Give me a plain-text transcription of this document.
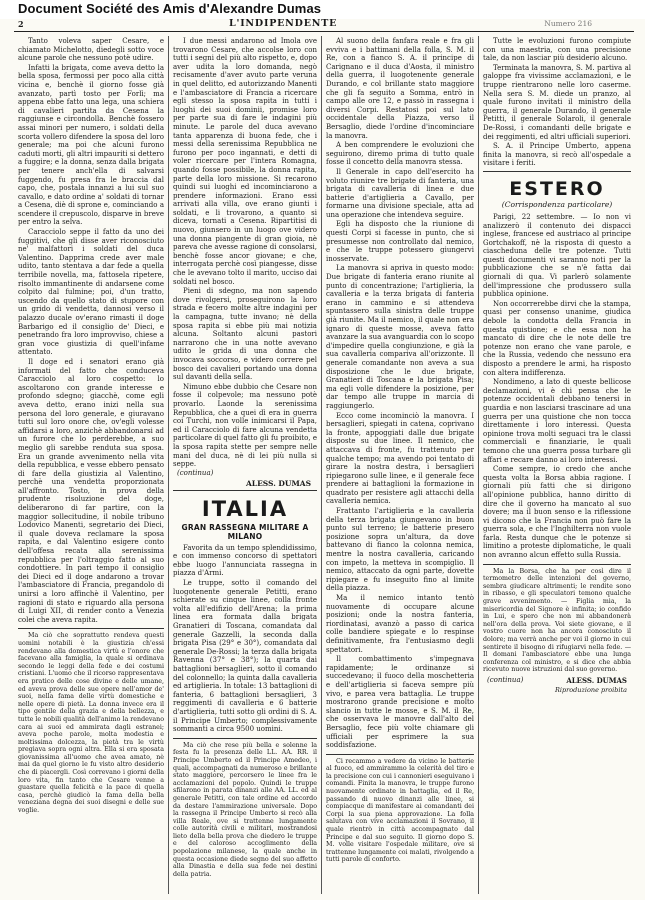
Document Société des Amis d'Alexandre Dumas
2	L'INDIPENDENTE	Numero 216

Tanto voleva saper Cesare, e chiamato Michelotto, diedegli sotto voce alcune parole che nessuno potè udire.

Infatti la brigata, come aveva detto la bella sposa, fermossi per poco alla città vicina e, benchè il giorno fosse già avanzato, partì tosto per Forlì; ma appena ebbe fatto una lega, una schiera di cavalieri partita da Cesena la raggiunse e circondolla. Benchè fossero assai minori per numero, i soldati della scorta vollero difendere la sposa del loro generale; ma poi che alcuni furono caduti morti, gli altri impauriti si dettero a fuggire; e la donna, senza dalla brigata per tenere anch'ella di salvarsi fuggendo, fu presa fra le braccia dal capo, che, postala innanzi a lui sul suo cavallo, e dato ordine a' soldati di tornar a Cesena, diè di sprone e, cominciando a scendere il crepuscolo, disparve in breve per entro la selva.

Caracciolo seppe il fatto da uno dei fuggitivi, che gli disse aver riconosciuto ne' malfattori i soldati del duca Valentino. Dapprima crede aver male udito, tanto stentava a dar fede a quella terribile novella, ma, fattosela ripetere, risolto immantinente di andarsene come colpito dal fulmine; poi, d'un tratto, uscendo da quello stato di stupore con un grido di vendetta, dannosi verso il palazzo ducale ov'erano rimasti il doge Barbarigo ed il consiglio de' Dieci, e penetrando fra loro improvviso, chiese a gran voce giustizia di quell'infame attentato.

Il doge ed i senatori erano già informati del fatto che conduceva Caracciolo al loro cospetto: lo ascoltarono con grande interesse e profondo sdegno; giacchè, come egli aveva detto, erano inizi nella sua persona del loro generale, e giuravano tutti sul loro onore che, ov'egli volesse affidarsi a loro, anzichè abbandonarsi ad un furore che lo perderebbe, a suo meglio gli sarebbe renduta sua sposa. Era un grande avvenimento nella vita della repubblica, e vesse ebbero pensato di fare della giustizia al Valentino, perchè una vendetta proporzionata all'affronto. Tosto, in prova della prudente risoluzione del doge, deliberarono di far partire, con la maggior sollecitudine, il nobile tribuno Lodovico Manenti, segretario dei Dieci, il quale doveva reclamare la sposa rapita, e dal Valentino esigere conto dell'offesa recata alla serenissima repubblica per l'oltraggio fatto al suo condottiere. In pari tempo il consiglio dei Dieci ed il doge andarono a trovar l'ambasciatore di Francia, pregandolo di unirsi a loro affinchè il Valentino, per ragioni di stato e riguardo alla persona di Luigi XII, di render conto a Venezia colei che aveva rapita.

Ma ciò che soprattutto rendeva questi uomini notabili è la giustizia ch'essi rendevano alla domestica virtù e l'onore che facevano alla famiglia, la quale si ordinava secondo le leggi della fede e dei costumi cristiani. L'uomo che il ricorso rappresentava era pratico delle cose divine e delle umane, ed aveva prova delle sue opere nell'amor de' suoi, nella fama delle virtù domestiche e nelle opere di pietà. La donna invece era il tipo gentile della grazia e della bellezza, e tutte le nobili qualità dell'animo la rendevano cara ai suoi ed ammirata dagli estranei; aveva poche parole, molta modestia e moltissima dolcezza, la pietà tra le virtù pregiava sopra ogni altra. Ella si era sposata giovanissima all'uomo che avea amato, nè mai da quel giorno le fu visto altro desiderio che di piacergli. Così correvano i giorni della loro vita, fin tanto che Cesare venne a guastare quella felicità e la pace di quella casa, perchè giudicò la fama della bella veneziana degna dei suoi disegni e delle sue voglie.

I due messi andarono ad Imola ove trovarono Cesare, che accolse loro con tutti i segni del più alto rispetto, e, dopo aver udita la loro domanda, negò recisamente d'aver avuto parte veruna in quel delitto, ed autorizzando Manenti e l'ambasciatore di Francia a ricercare egli stesso la sposa rapita in tutti i luoghi dei suoi dominii, promise loro per parte sua di fare le indagini più minute. Le parole del duca avevano tanta apparenza di buona fede, che i messi della serenissima Repubblica ne furono per poco ingannati, e detti di voler ricercare per l'intera Romagna, quando fosse possibile, la donna rapita, parte della loro missione. Si recarono quindi sui luoghi ed incominciarono a prendere informazioni. Erano essi arrivati alla villa, ove erano giunti i soldati, e li trovarono, a quanto si diceva, tornati a Cesena. Ripartitisi di nuovo, giunsero in un luogo ove videro una donna piangente di gran gioia, nè pareva che avesse ragione di consolarsi, benchè fosse ancor giovane; e che, interrogata perchè così piangesse, disse che le avevano tolto il marito, ucciso dai soldati nel bosco.

Pieni di sdegno, ma non sapendo dove rivolgersi, proseguirono la loro strada e fecero molte altre indagini per la campagna, tutte invano; nè della sposa rapita si ebbe più mai notizia alcuna. Soltanto alcuni pastori narrarono che in una notte avevano udito le grida di una donna che invocava soccorso, e videro correre pel bosco dei cavalieri portando una donna sul davanti della sella.

Nimuno ebbe dubbio che Cesare non fosse il colpevole; ma nessuno potè provarlo. Laonde la serenissima Repubblica, che a quei dì era in guerra coi Turchi, non volle inimicarsi il Papa, ed il Caracciolo di fare alcuna vendetta particolare di quel fatto gli fu proibito, e la sposa rapita stette per sempre nelle mani del duca, nè di lei più nulla si seppe.

(continua)
ALESS. DUMAS
ITALIA
GRAN RASSEGNA MILITARE A MILANO

Favorita da un tempo splendidissimo, e con immenso concorso di spettatori ebbe luogo l'annunciata rassegna in piazza d'Armi.

Le truppe, sotto il comando del luogotenente generale Petitti, erano schierate su cinque linee, colla fronte volta all'edifizio dell'Arena; la prima linea era formata dalla brigata Granatieri di Toscana, comandata dal generale Gazzelli, la seconda dalla brigata Pisa (29° e 30°), comandata dal generale De-Rossi; la terza dalla brigata Ravenna (37° e 38°); la quarta dai battaglioni bersaglieri, sotto il comando del colonnello; la quinta dalla cavalleria ed artiglieria. In totale: 13 battaglioni di fanteria, 6 battaglioni bersaglieri, 3 reggimenti di cavalleria e 6 batterie d'artiglieria, tutti sotto gli ordini di S. A. il Principe Umberto; complessivamente sommanti a circa 9500 uomini.

Ma ciò che rese più bella e solenne la festa fu la presenza delle LL. AA. RR. il Principe Umberto ed il Principe Amedeo, i quali, accompagnati da numeroso e brillante stato maggiore, percorsero le linee fra le acclamazioni del popolo. Quindi le truppe sfilarono in parata dinanzi alle AA. LL. ed al generale Petitti, con tale ordine ed accordo da destare l'ammirazione universale. Dopo la rassegna il Principe Umberto si recò alla villa Reale, ove si trattenne lungamente colle autorità civili e militari, mostrandosi lieto della bella prova che diedero le truppe e del caloroso accoglimento della popolazione milanese, la quale anche in questa occasione diede segno del suo affetto alla Dinastia e della sua fede nei destini della patria.

Al suono della fanfara reale e fra gli evviva e i battimani della folla, S. M. il Re, con a fianco S. A. il principe di Carignano e il duca d'Aosta, il ministro della guerra, il luogotenente generale Durando, e col brillante stato maggiore che gli fa seguito a Somma, entrò in campo alle ore 12, e passò in rassegna i diversi Corpi. Restatosi poi sul lato occidentale della Piazza, verso il Bersaglio, diede l'ordine d'incominciare la manovra.

A ben comprendere le evoluzioni che seguirono, diremo prima di tutto quale fosse il concetto della manovra stessa.

Il Generale in capo dell'esercito ha voluto riunire tre brigate di fanteria, una brigata di cavalleria di linea e due batterie d'artiglieria a Cavallo, per formarne una divisione speciale, atta ad una operazione che intendeva seguire.

Egli ha disposto che la riunione di questi Corpi si facesse in punto, che si presumesse non controllato dal nemico, e che le truppe potessero giungervi inosservate.

La manovra si apriva in questo modo: Due brigate di fanteria erano riunite al punto di concentrazione; l'artiglieria, la cavalleria e la terza brigata di fanteria erano in cammino e si attendeva spuntassero sulla sinistra delle truppe già riunite. Ma il nemico, il quale non era ignaro di queste mosse, aveva fatto avanzare la sua avanguardia con lo scopo d'impedire quella congiunzione, e già la sua cavalleria compariva all'orizzonte. Il generale comandante non aveva a sua disposizione che le due brigate, Granatieri di Toscana e la brigata Pisa; ma egli volle difendere la posizione, per dar tempo alle truppe in marcia di raggiungerlo.

Ecco come incominciò la manovra. I bersaglieri, spiegati in catena, coprivano la fronte, appoggiati dalle due brigate disposte su due linee. Il nemico, che attaccava di fronte, fu trattenuto per qualche tempo; ma avendo poi tentato di girare la nostra destra, i bersaglieri ripiegarono sulle linee, e il generale fece prendere ai battaglioni la formazione in quadrato per resistere agli attacchi della cavalleria nemica.

Frattanto l'artiglieria e la cavalleria della terza brigata giungevano in buon punto sul terreno; le batterie presero posizione sopra un'altura, da dove battevano di fianco la colonna nemica, mentre la nostra cavalleria, caricando con impeto, la metteva in scompiglio. Il nemico, attaccato da ogni parte, dovette ripiegare e fu inseguito fino al limite della piazza.

Ma il nemico intanto tentò nuovamente di occupare alcune posizioni; onde la nostra fanteria, riordinatasi, avanzò a passo di carica colle bandiere spiegate e lo respinse definitivamente, fra l'entusiasmo degli spettatori.

Il combattimento s'impegnava rapidamente; le ordinanze si succedevano; il fuoco della moschetteria e dell'artiglieria si faceva sempre più vivo, e parea vera battaglia. Le truppe mostrarono grande precisione e molto slancio in tutte le mosse, e S. M. il Re, che osservava le manovre dall'alto del Bersaglio, fece più volte chiamare gli ufficiali per esprimere la sua soddisfazione.

Ci recammo a vedere da vicino le batterie al fuoco, ed ammirammo la celerità del tiro e la precisione con cui i cannonieri eseguivano i comandi. Finita la manovra, le truppe furono nuovamente ordinate in battaglia, ed il Re, passando di nuovo dinanzi alle linee, si compiacque di manifestare ai comandanti dei Corpi la sua piena approvazione. La folla salutava con vive acclamazioni il Sovrano, il quale rientrò in città accompagnato dal Principe e dal suo seguito. Il giorno dopo S. M. volle visitare l'ospedale militare, ove si trattenne lungamente coi malati, rivolgendo a tutti parole di conforto.

Tutte le evoluzioni furono compiute con una maestria, con una precisione tale, da non lasciar più desiderio alcuno.

Terminata la manovra, S. M. partiva al galoppe fra vivissime acclamazioni, e le truppe rientrarono nelle loro caserme. Nella sera S. M. diede un pranzo, al quale furono invitati il ministro della guerra, il generale Durando, il generale Petitti, il generale Solaroli, il generale De-Rossi, i comandanti delle brigate e dei reggimenti, ed altri ufficiali superiori.

S. A. il Principe Umberto, appena finita la manovra, si recò all'ospedale a visitare i feriti.

ESTERO
(Corrispondenza particolare)

Parigi, 22 settembre. — Io non vi analizzerò il contenuto dei dispacci inglese, francese ed austriaco al principe Gortchakoff, nè la risposta di questo a ciascheduna delle tre potenze. Tutti questi documenti vi saranno noti per la pubblicazione che se n'è fatta dai giornali di qua. Vi parlerò solamente dell'impressione che produssero sulla pubblica opinione.

Non occorrerebbe dirvi che la stampa, quasi per consenso unanime, giudica debole la condotta della Francia in questa quistione; e che essa non ha mancato di dire che le note delle tre potenze non erano che vane parole, e che la Russia, vedendo che nessuno era disposto a prendere le armi, ha risposto con altera indifferenza.

Nondimeno, a lato di queste bellicose declamazioni, vi è chi pensa che le potenze occidentali debbano tenersi in guardia e non lasciarsi trascinare ad una guerra per una quistione che non tocca direttamente i loro interessi. Questa opinione trova molti seguaci tra le classi commerciali e finanziarie, le quali temono che una guerra possa turbare gli affari e recare danno ai loro interessi.

Come sempre, io credo che anche questa volta la Borsa abbia ragione. I giornali più fatti che si dirigono all'opinione pubblica, hanno diritto di dire che il governo ha mancato al suo dovere; ma il buon senso e la riflessione vi dicono che la Francia non può fare la guerra sola, e che l'Inghilterra non vuole farla. Resta dunque che le potenze si limitino a proteste diplomatiche, le quali non avranno alcun effetto sulla Russia.

Ma la Borsa, che ha per così dire il termometro delle intenzioni del governo, sembra giudicare altrimenti; le rendite sono in ribasso, e gli speculatori temono qualche grave avvenimento. — Figlia mia, la misericordia del Signore è infinita; io confido in Lui, e spero che non mi abbandonerà nell'ora della prova. Voi siete giovane, e il vostro cuore non ha ancora conosciuto il dolore; ma verrà anche per voi il giorno in cui sentirete il bisogno di rifugiarvi nella fede. — Il domani l'ambasciatore ebbe una lunga conferenza col ministro, e si dice che abbia ricevuto nuove istruzioni dal suo governo.

(continua)	ALESS. DUMAS
Riproduzione proibita
